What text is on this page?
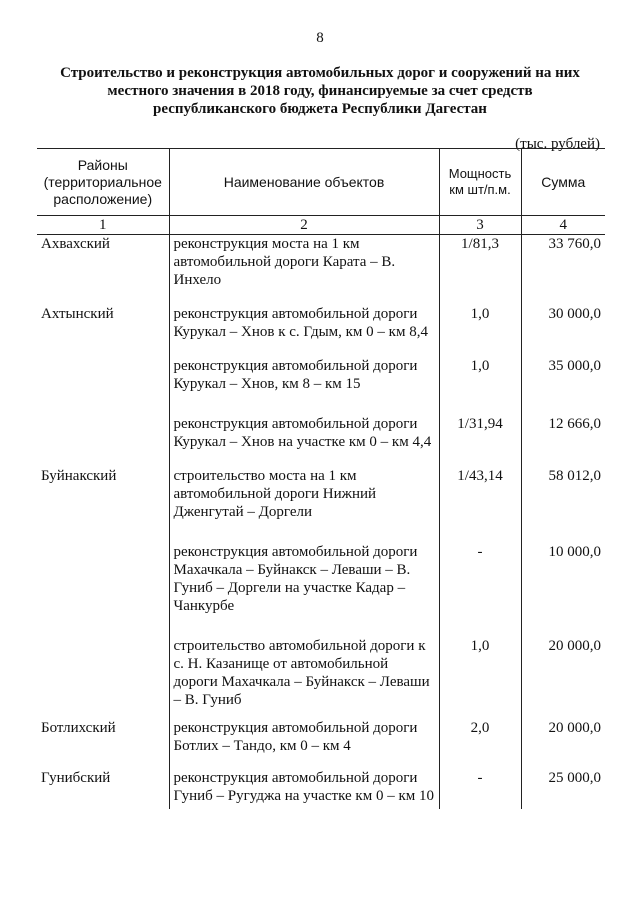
8
Строительство и реконструкция автомобильных дорог и сооружений на них
местного значения в 2018 году, финансируемые за счет средств
республиканского бюджета Республики Дагестан
(тыс. рублей)
Районы (территориальное расположение)	Наименование объектов	Мощность км шт/п.м.	Сумма
1	2	3	4
Ахвахский	реконструкция моста на 1 км автомобильной дороги Карата – В. Инхело	1/81,3	33 760,0
Ахтынский	реконструкция автомобильной дороги Курукал – Хнов к с. Гдым, км 0 – км 8,4	1,0	30 000,0
	реконструкция автомобильной дороги Курукал – Хнов, км 8 – км 15	1,0	35 000,0
	реконструкция автомобильной дороги Курукал – Хнов на участке км 0 – км 4,4	1/31,94	12 666,0
Буйнакский	строительство моста на 1 км автомобильной дороги Нижний Дженгутай – Доргели	1/43,14	58 012,0
	реконструкция автомобильной дороги Махачкала – Буйнакск – Леваши – В. Гуниб – Доргели на участке Кадар – Чанкурбе	-	10 000,0
	строительство автомобильной дороги к с. Н. Казанище от автомобильной дороги Махачкала – Буйнакск – Леваши – В. Гуниб	1,0	20 000,0
Ботлихский	реконструкция автомобильной дороги Ботлих – Тандо, км 0 – км 4	2,0	20 000,0
Гунибский	реконструкция автомобильной дороги Гуниб – Ругуджа на участке км 0 – км 10	-	25 000,0
